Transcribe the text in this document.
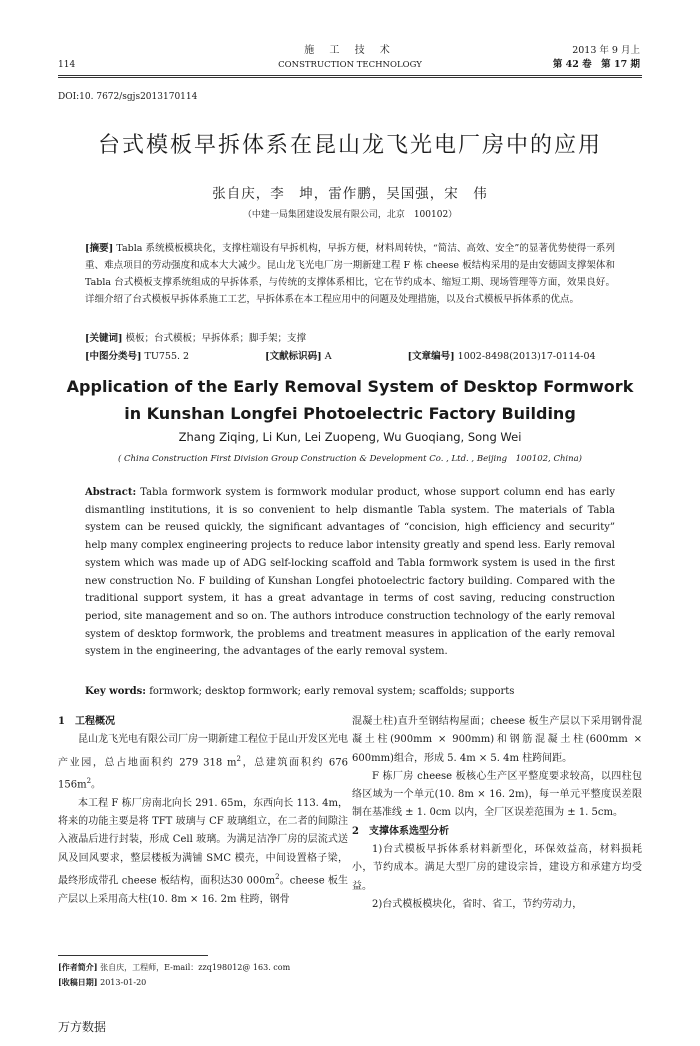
114
施 工 技 术
CONSTRUCTION TECHNOLOGY
2013 年 9 月上
第 42 卷　第 17 期
DOI:10. 7672/sgjs2013170114
台式模板早拆体系在昆山龙飞光电厂房中的应用
张自庆，李　坤，雷作鹏，吴国强，宋　伟
（中建一局集团建设发展有限公司，北京　100102）
[摘要] Tabla 系统模板模块化，支撑柱端设有早拆机构，早拆方便，材料周转快，“简洁、高效、安全”的显著优势使得一系列重、难点项目的劳动强度和成本大大减少。昆山龙飞光电厂房一期新建工程 F 栋 cheese 板结构采用的是由安德固支撑架体和 Tabla 台式模板支撑系统组成的早拆体系，与传统的支撑体系相比，它在节约成本、缩短工期、现场管理等方面，效果良好。详细介绍了台式模板早拆体系施工工艺，早拆体系在本工程应用中的问题及处理措施，以及台式模板早拆体系的优点。
[关键词] 模板；台式模板；早拆体系；脚手架；支撑
[中图分类号] TU755. 2	[文献标识码] A	[文章编号] 1002-8498(2013)17-0114-04
Application of the Early Removal System of Desktop Formwork
in Kunshan Longfei Photoelectric Factory Building
Zhang Ziqing, Li Kun, Lei Zuopeng, Wu Guoqiang, Song Wei
( China Construction First Division Group Construction & Development Co. , Ltd. , Beijing　100102, China)
Abstract: Tabla formwork system is formwork modular product, whose support column end has early dismantling institutions, it is so convenient to help dismantle Tabla system. The materials of Tabla system can be reused quickly, the significant advantages of “concision, high efficiency and security” help many complex engineering projects to reduce labor intensity greatly and spend less. Early removal system which was made up of ADG self-locking scaffold and Tabla formwork system is used in the first new construction No. F building of Kunshan Longfei photoelectric factory building. Compared with the traditional support system, it has a great advantage in terms of cost saving, reducing construction period, site management and so on. The authors introduce construction technology of the early removal system of desktop formwork, the problems and treatment measures in application of the early removal system in the engineering, the advantages of the early removal system.
Key words: formwork; desktop formwork; early removal system; scaffolds; supports

1　工程概况

昆山龙飞光电有限公司厂房一期新建工程位于昆山开发区光电产业园，总占地面积约 279 318 $m^2$，总建筑面积约 676 $156m^2$。

本工程 F 栋厂房南北向长 291. 65m，东西向长 113. 4m，将来的功能主要是将 TFT 玻璃与 CF 玻璃组立，在二者的间隙注入液晶后进行封装，形成 Cell 玻璃。为满足洁净厂房的层流式送风及回风要求，整层楼板为满铺 SMC 模壳，中间设置格子梁，最终形成带孔 cheese 板结构，面积达30 $000m^2$。cheese 板生产层以上采用高大柱(10. 8m × 16. 2m 柱跨，钢骨

混凝土柱)直升至钢结构屋面；cheese 板生产层以下采用钢骨混凝土柱(900mm × 900mm)和钢筋混凝土柱(600mm × 600mm)组合，形成 5. 4m × 5. 4m 柱跨间距。

F 栋厂房 cheese 板核心生产区平整度要求较高，以四柱包络区域为一个单元(10. 8m × 16. 2m)，每一单元平整度误差限制在基准线 ± 1. 0cm 以内，全厂区误差范围为 ± 1. 5cm。

2　支撑体系选型分析

1)台式模板早拆体系材料新型化，环保效益高，材料损耗小，节约成本。满足大型厂房的建设宗旨，建设方和承建方均受益。

2)台式模板模块化，省时、省工，节约劳动力，

[作者简介] 张自庆，工程师，E-mail：zzq198012@ 163. com
[收稿日期] 2013-01-20
万方数据
